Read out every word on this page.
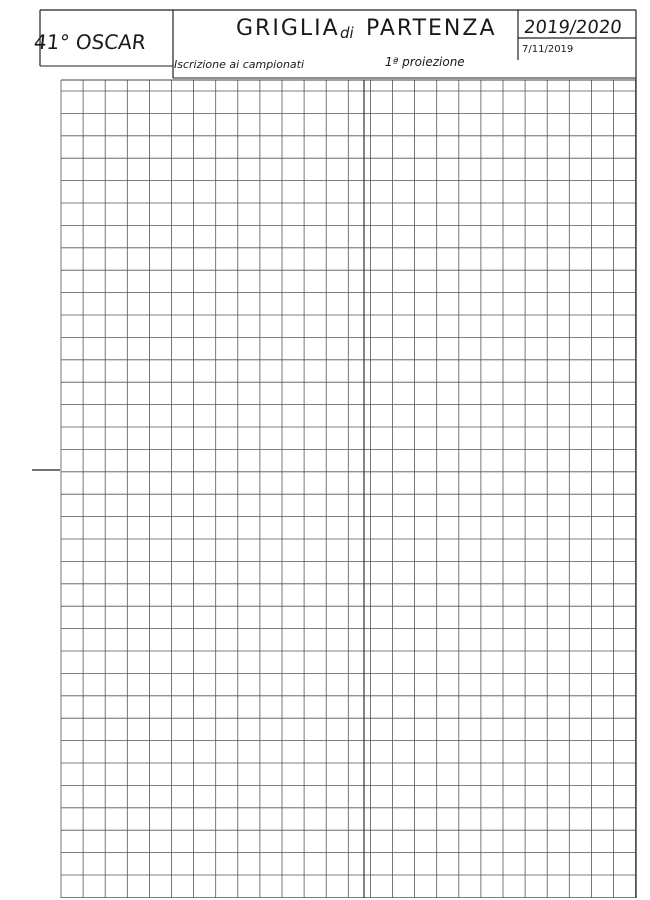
41° OSCAR
GRIGLIA di PARTENZA
Iscrizione ai campionati	1ª proiezione
2019/2020
7/11/2019
